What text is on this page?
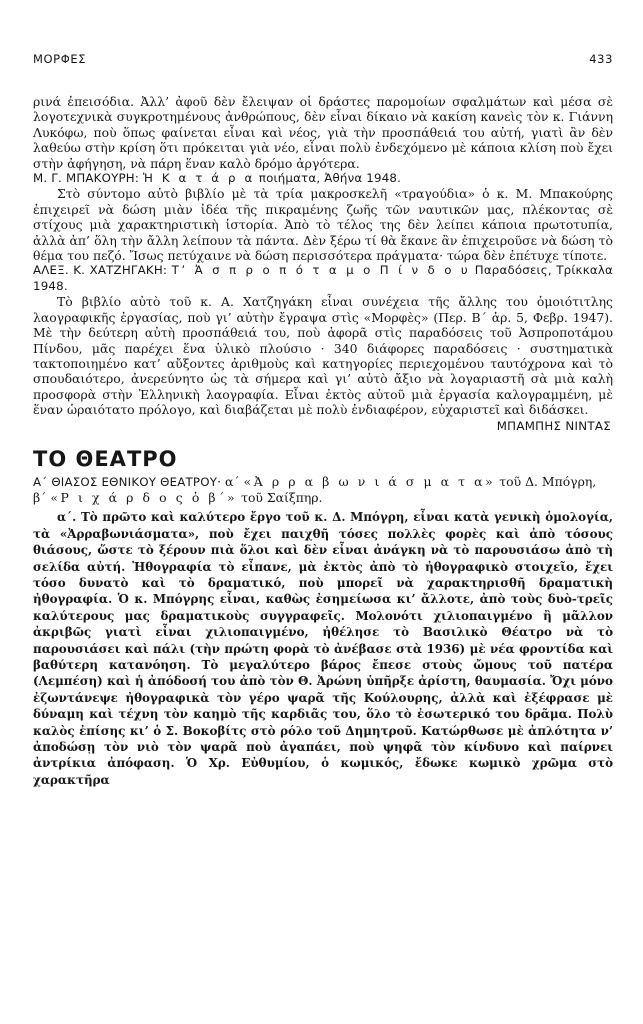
ΜΟΡΦΕΣ	433

ρινά ἐπεισόδια. Ἀλλ’ ἀφοῦ δὲν ἔλειψαν οἱ δράστες παρομοίων σφαλμάτων καὶ μέσα σὲ λογοτεχνικὰ συγκροτημένους ἀνθρώπους, δὲν εἶναι δίκαιο νὰ κακίση κανεὶς τὸν κ. Γιάννη Λυκόφω, ποὺ ὅπως φαίνεται εἶναι καὶ νέος, γιὰ τὴν προσπάθειά του αὐτή, γιατὶ ἂν δὲν λαθεύω στὴν κρίση ὅτι πρόκειται γιὰ νέο, εἶναι πολὺ ἐνδεχόμενο μὲ κάποια κλίση ποὺ ἔχει στὴν ἀφήγηση, νὰ πάρη ἕναν καλὸ δρόμο ἀργότερα.

Μ. Γ. ΜΠΑΚΟΥΡΗ: Ἡ Κ α τ ά ρ α ποιήματα, Ἀθήνα 1948.

Στὸ σύντομο αὐτὸ βιβλίο μὲ τὰ τρία μακροσκελῆ «τραγούδια» ὁ κ. Μ. Μπακούρης ἐπιχειρεῖ νὰ δώση μιὰν ἰδέα τῆς πικραμένης ζωῆς τῶν ναυτικῶν μας, πλέκοντας σὲ στίχους μιὰ χαρακτηριστικὴ ἱστορία. Ἀπὸ τὸ τέλος της δὲν λείπει κάποια πρωτοτυπία, ἀλλὰ ἀπ’ ὅλη τὴν ἄλλη λείπουν τὰ πάντα. Δὲν ξέρω τί θὰ ἔκανε ἂν ἐπιχειροῦσε νὰ δώση τὸ θέμα του πεζό. Ἴσως πετύχαινε νὰ δώση περισσότερα πράγματα· τώρα δὲν ἐπέτυχε τίποτε.

ΑΛΕΞ. Κ. ΧΑΤΖΗΓΑΚΗ: Τ’ Ἀ σ π ρ ο π ό τ α μ ο Π ί ν δ ο υ Παραδόσεις, Τρίκκαλα 1948.

Τὸ βιβλίο αὐτὸ τοῦ κ. Α. Χατζηγάκη εἶναι συνέχεια τῆς ἄλλης του ὁμοιότιτλης λαογραφικῆς ἐργασίας, ποὺ γι’ αὐτὴν ἔγραψα στὶς «Μορφὲς» (Περ. Β΄ ἀρ. 5, Φεβρ. 1947). Μὲ τὴν δεύτερη αὐτὴ προσπάθειά του, ποὺ ἀφορᾶ στὶς παραδόσεις τοῦ Ἀσπροποτάμου Πίνδου, μᾶς παρέχει ἕνα ὑλικὸ πλούσιο · 340 διάφορες παραδόσεις · συστηματικὰ τακτοποιημένο κατ’ αὔξοντες ἀριθμοὺς καὶ κατηγορίες περιεχομένου ταυτόχρονα καὶ τὸ σπουδαιότερο, ἀνερεύνητο ὡς τὰ σήμερα καὶ γι’ αὐτὸ ἄξιο νὰ λογαριαστῆ σὰ μιὰ καλὴ προσφορὰ στὴν Ἑλληνικὴ λαογραφία. Εἶναι ἐκτὸς αὐτοῦ μιὰ ἐργασία καλογραμμένη, μὲ ἕναν ὡραιότατο πρόλογο, καὶ διαβάζεται μὲ πολὺ ἐνδιαφέρον, εὐχαριστεῖ καὶ διδάσκει.

ΜΠΑΜΠΗΣ ΝΙΝΤΑΣ
ΤΟ ΘΕΑΤΡΟ

Α΄ ΘΙΑΣΟΣ ΕΘΝΙΚΟΥ ΘΕΑΤΡΟΥ· α΄ «Ἀ ρ ρ α β ω ν ι ά σ μ α τ α» τοῦ Δ. Μπόγρη, β΄ «Ρ ι χ ά ρ δ ο ς ὁ β΄» τοῦ Σαίξπηρ.

α΄. Τὸ πρῶτο καὶ καλύτερο ἔργο τοῦ κ. Δ. Μπόγρη, εἶναι κατὰ γενικὴ ὁμολογία, τὰ «Ἀρραβωνιάσματα», ποὺ ἔχει παιχθῆ τόσες πολλὲς φορὲς καὶ ἀπὸ τόσους θιάσους, ὥστε τὸ ξέρουν πιὰ ὅλοι καὶ δὲν εἶναι ἀνάγκη νὰ τὸ παρουσιάσω ἀπὸ τὴ σελίδα αὐτή. Ἠθογραφία τὸ εἶπανε, μὰ ἐκτὸς ἀπὸ τὸ ἠθογραφικὸ στοιχεῖο, ἔχει τόσο δυνατὸ καὶ τὸ δραματικό, ποὺ μπορεῖ νὰ χαρακτηρισθῆ δραματικὴ ἠθογραφία. Ὁ κ. Μπόγρης εἶναι, καθὼς ἐσημείωσα κι’ ἄλλοτε, ἀπὸ τοὺς δυὸ-τρεῖς καλύτερους μας δραματικοὺς συγγραφεῖς. Μολονότι χιλιοπαιγμένο ἢ μᾶλλον ἀκριβῶς γιατὶ εἶναι χιλιοπαιγμένο, ἠθέλησε τὸ Βασιλικὸ Θέατρο νὰ τὸ παρουσιάσει καὶ πάλι (τὴν πρώτη φορὰ τὸ ἀνέβασε στὰ 1936) μὲ νέα φροντίδα καὶ βαθύτερη κατανόηση. Τὸ μεγαλύτερο βάρος ἔπεσε στοὺς ὤμους τοῦ πατέρα (Λεμπέση) καὶ ἡ ἀπόδοσή του ἀπὸ τὸν Θ. Ἀρώνη ὑπῆρξε ἀρίστη, θαυμασία. Ὄχι μόνο ἐζωντάνεψε ἠθογραφικὰ τὸν γέρο ψαρᾶ τῆς Κούλουρης, ἀλλὰ καὶ ἐξέφρασε μὲ δύναμη καὶ τέχνη τὸν καημὸ τῆς καρδιᾶς του, ὅλο τὸ ἐσωτερικό του δρᾶμα. Πολὺ καλὸς ἐπίσης κι’ ὁ Σ. Βοκοβίτς στὸ ρόλο τοῦ Δημητροῦ. Κατώρθωσε μὲ ἀπλότητα ν’ ἀποδώσῃ τὸν νιὸ τὸν ψαρᾶ ποὺ ἀγαπάει, ποὺ ψηφᾶ τὸν κίνδυνο καὶ παίρνει ἀντρίκια ἀπόφαση. Ὁ Χρ. Εὐθυμίου, ὁ κωμικός, ἔδωκε κωμικὸ χρῶμα στὸ χαρακτῆρα
